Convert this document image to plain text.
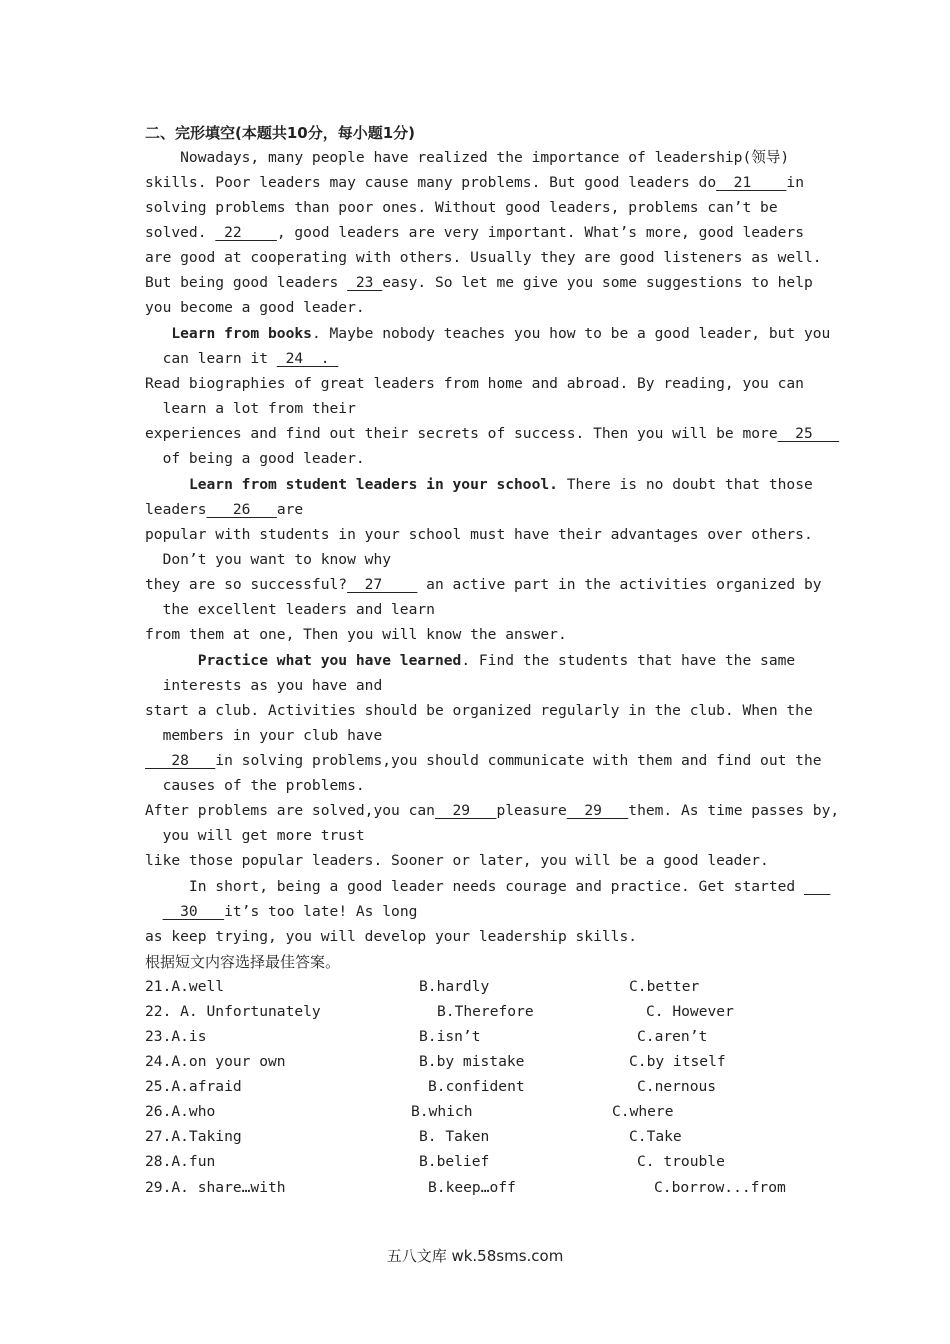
二、完形填空(本题共10分，每小题1分)
Nowadays, many people have realized the importance of leadership(领导)
skills. Poor leaders may cause many problems. But good leaders do  21    in
solving problems than poor ones. Without good leaders, problems can’t be
solved.  22    , good leaders are very important. What’s more, good leaders
are good at cooperating with others. Usually they are good listeners as well.
But being good leaders  23 easy. So let me give you some suggestions to help
you become a good leader.
Learn from books. Maybe nobody teaches you how to be a good leader, but you
can learn it  24  .
Read biographies of great leaders from home and abroad. By reading, you can
learn a lot from their
experiences and find out their secrets of success. Then you will be more  25
of being a good leader.
Learn from student leaders in your school. There is no doubt that those
leaders   26   are
popular with students in your school must have their advantages over others.
Don’t you want to know why
they are so successful?  27     an active part in the activities organized by
the excellent leaders and learn
from them at one, Then you will know the answer.
Practice what you have learned. Find the students that have the same
interests as you have and
start a club. Activities should be organized regularly in the club. When the
members in your club have
28   in solving problems,you should communicate with them and find out the
causes of the problems.
After problems are solved,you can  29   pleasure  29   them. As time passes by,
you will get more trust
like those popular leaders. Sooner or later, you will be a good leader.
In short, being a good leader needs courage and practice. Get started
30   it’s too late! As long
as keep trying, you will develop your leadership skills.
根据短文内容选择最佳答案。
21.A.well	B.hardly	C.better
22. A. Unfortunately	B.Therefore	C. However
23.A.is	B.isn’t	C.aren’t
24.A.on your own	B.by mistake	C.by itself
25.A.afraid	B.confident	C.nernous
26.A.who	B.which	C.where
27.A.Taking	B. Taken	C.Take
28.A.fun	B.belief	C. trouble
29.A. share…with	B.keep…off	C.borrow...from
五八文库 wk.58sms.com
